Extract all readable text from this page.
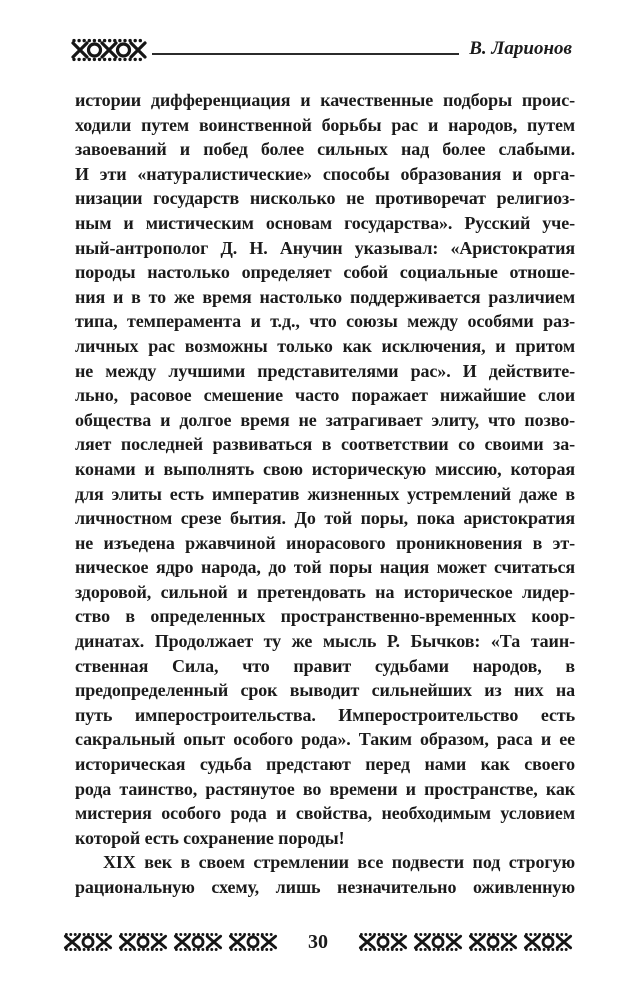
В. Ларионов
истории дифференциация и качественные подборы проис-
ходили путем воинственной борьбы рас и народов, путем
завоеваний и побед более сильных над более слабыми.
И эти «натуралистические» способы образования и орга-
низации государств нисколько не противоречат религиоз-
ным и мистическим основам государства». Русский уче-
ный-антрополог Д. Н. Анучин указывал: «Аристократия
породы настолько определяет собой социальные отноше-
ния и в то же время настолько поддерживается различием
типа, темперамента и т.д., что союзы между особями раз-
личных рас возможны только как исключения, и притом
не между лучшими представителями рас». И действите-
льно, расовое смешение часто поражает нижайшие слои
общества и долгое время не затрагивает элиту, что позво-
ляет последней развиваться в соответствии со своими за-
конами и выполнять свою историческую миссию, которая
для элиты есть императив жизненных устремлений даже в
личностном срезе бытия. До той поры, пока аристократия
не изъедена ржавчиной инорасового проникновения в эт-
ническое ядро народа, до той поры нация может считаться
здоровой, сильной и претендовать на историческое лидер-
ство в определенных пространственно-временных коор-
динатах. Продолжает ту же мысль Р. Бычков: «Та таин-
ственная Сила, что правит судьбами народов, в
предопределенный срок выводит сильнейших из них на
путь имперостроительства. Имперостроительство есть
сакральный опыт особого рода». Таким образом, раса и ее
историческая судьба предстают перед нами как своего
рода таинство, растянутое во времени и пространстве, как
мистерия особого рода и свойства, необходимым условием
которой есть сохранение породы!
XIX век в своем стремлении все подвести под строгую
рациональную схему, лишь незначительно оживленную
30
